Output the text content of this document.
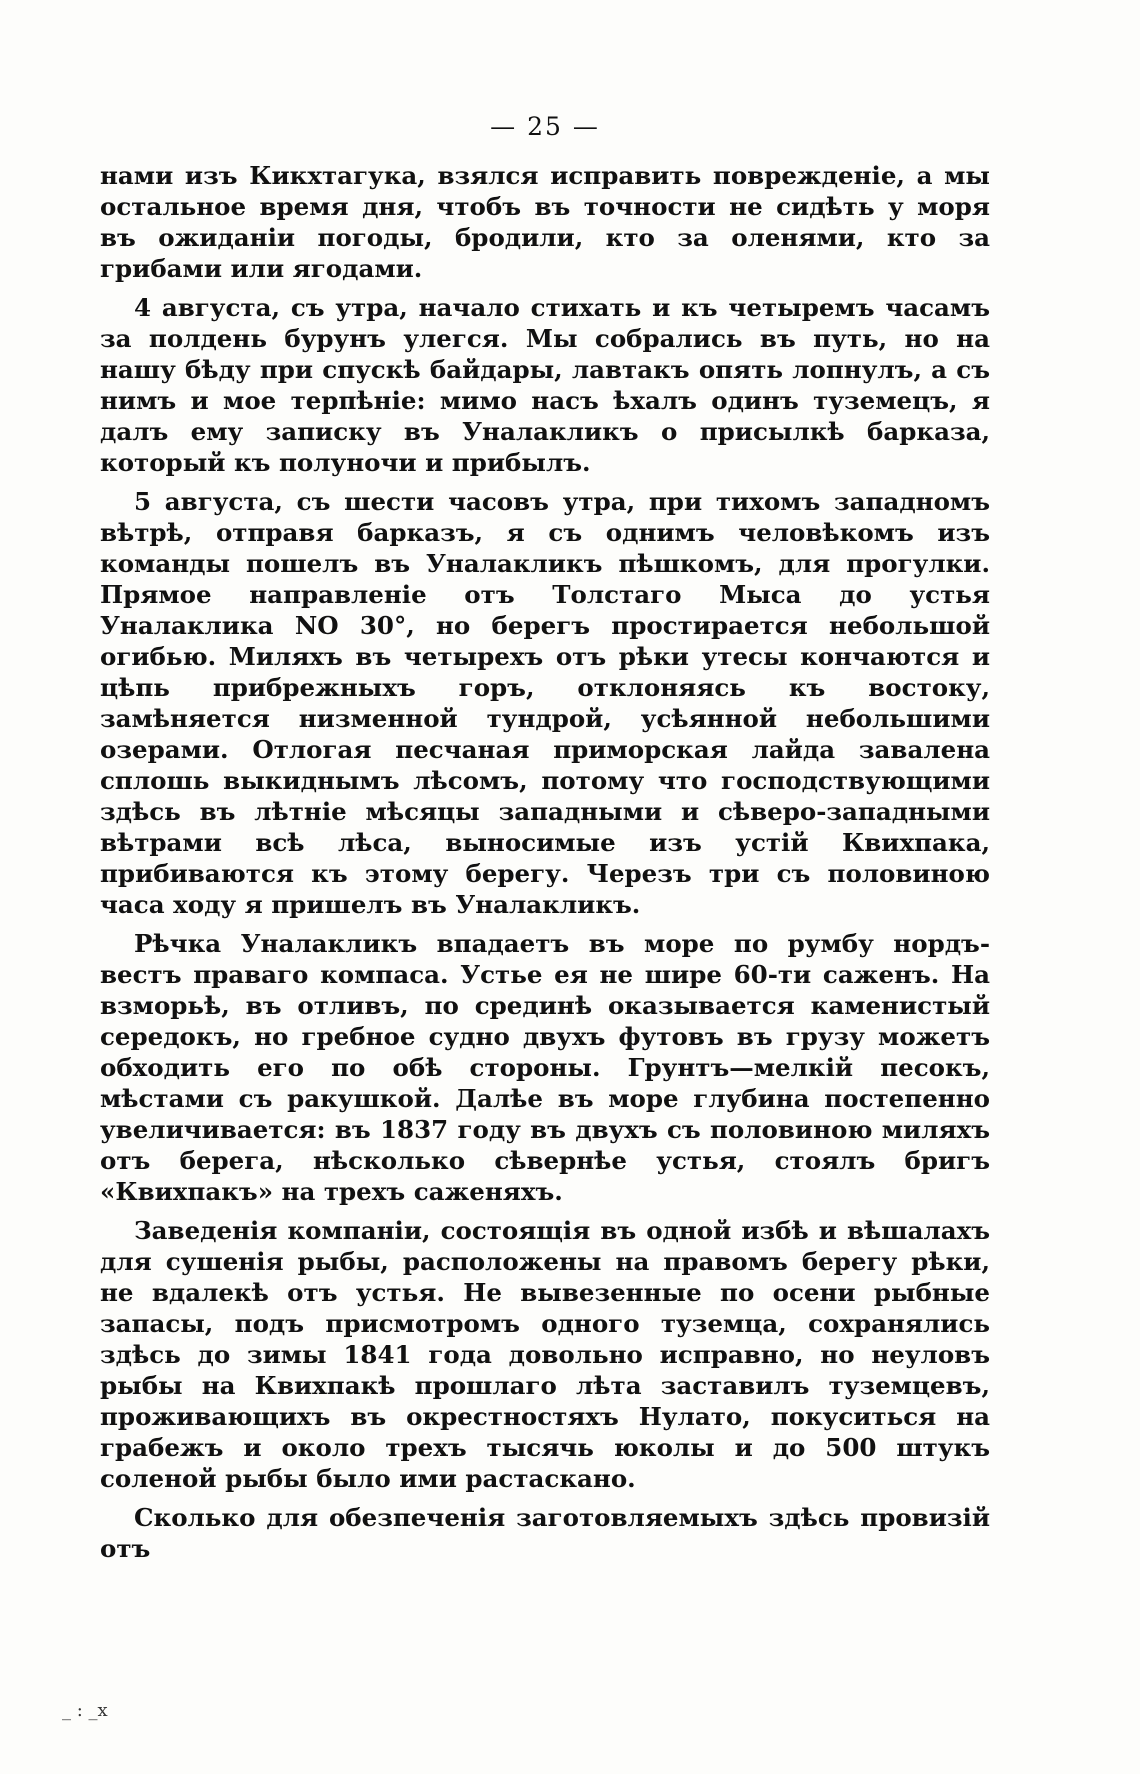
— 25 —

нами изъ Кикхтагука, взялся исправить поврежденіе, а мы остальное время дня, чтобъ въ точности не сидѣть у моря въ ожиданіи погоды, бродили, кто за оленями, кто за грибами или ягодами.

4 августа, съ утра, начало стихать и къ четыремъ часамъ за полдень бурунъ улегся. Мы собрались въ путь, но на нашу бѣду при спускѣ байдары, лавтакъ опять лопнулъ, а съ нимъ и мое терпѣніе: мимо насъ ѣхалъ одинъ туземецъ, я далъ ему записку въ Уналакликъ о присылкѣ барказа, который къ полуночи и прибылъ.

5 августа, съ шести часовъ утра, при тихомъ западномъ вѣтрѣ, отправя барказъ, я съ однимъ человѣкомъ изъ команды пошелъ въ Уналакликъ пѣшкомъ, для прогулки. Прямое направленіе отъ Толстаго Мыса до устья Уналаклика NO 30°, но берегъ простирается небольшой огибью. Миляхъ въ четырехъ отъ рѣки утесы кончаются и цѣпь прибрежныхъ горъ, отклоняясь къ востоку, замѣняется низменной тундрой, усѣянной небольшими озерами. Отлогая песчаная приморская лайда завалена сплошь выкиднымъ лѣсомъ, потому что господствующими здѣсь въ лѣтніе мѣсяцы западными и сѣверо-западными вѣтрами всѣ лѣса, выносимые изъ устій Квихпака, прибиваются къ этому берегу. Черезъ три съ половиною часа ходу я пришелъ въ Уналакликъ.

Рѣчка Уналакликъ впадаетъ въ море по румбу нордъ-вестъ праваго компаса. Устье ея не шире 60-ти саженъ. На взморьѣ, въ отливъ, по срединѣ оказывается каменистый середокъ, но гребное судно двухъ футовъ въ грузу можетъ обходить его по обѣ стороны. Грунтъ—мелкій песокъ, мѣстами съ ракушкой. Далѣе въ море глубина постепенно увеличивается: въ 1837 году въ двухъ съ половиною миляхъ отъ берега, нѣсколько сѣвернѣе устья, стоялъ бригъ «Квихпакъ» на трехъ саженяхъ.

Заведенія компаніи, состоящія въ одной избѣ и вѣшалахъ для сушенія рыбы, расположены на правомъ берегу рѣки, не вдалекѣ отъ устья. Не вывезенные по осени рыбные запасы, подъ присмотромъ одного туземца, сохранялись здѣсь до зимы 1841 года довольно исправно, но неуловъ рыбы на Квихпакѣ прошлаго лѣта заставилъ туземцевъ, проживающихъ въ окрестностяхъ Нулато, покуситься на грабежъ и около трехъ тысячь юколы и до 500 штукъ соленой рыбы было ими растаскано.

Сколько для обезпеченія заготовляемыхъ здѣсь провизій отъ

_ : _x
